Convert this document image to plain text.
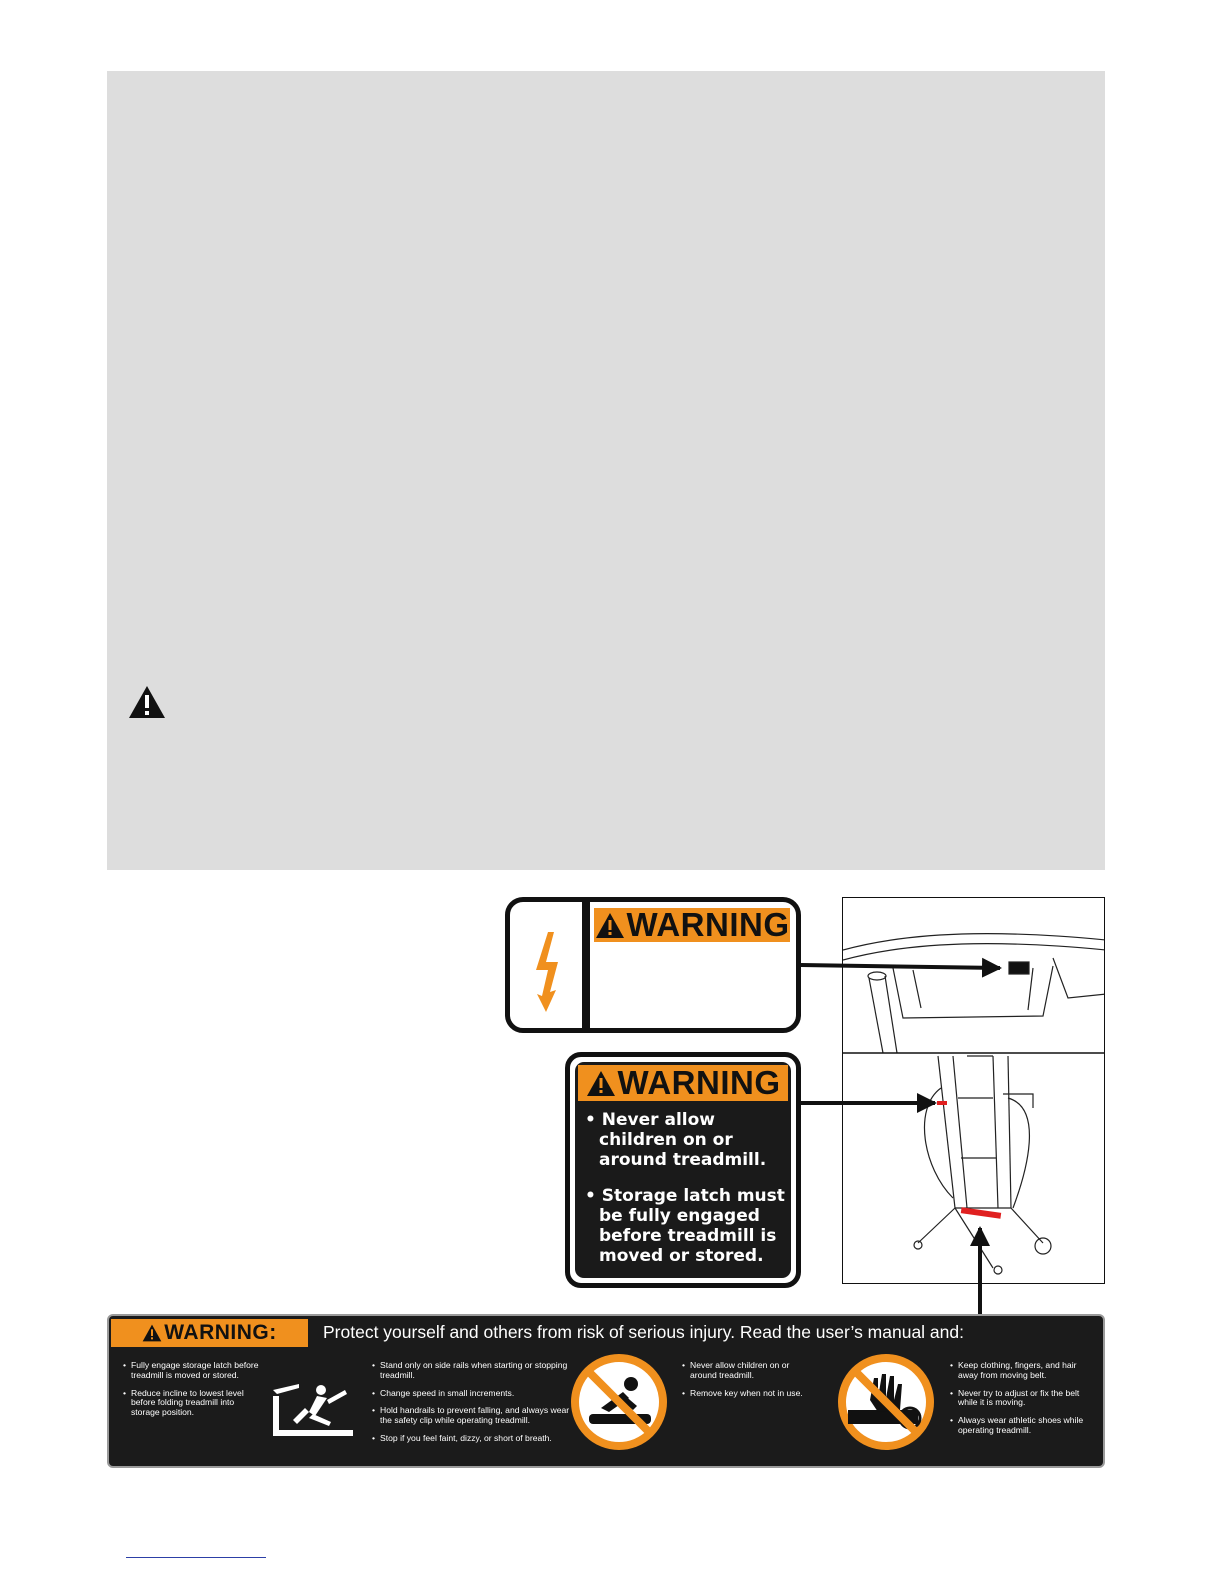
WARNING
WARNING
• Never allow children on or around treadmill.
• Storage latch must be fully engaged before treadmill is moved or stored.
WARNING:	Protect yourself and others from risk of serious injury. Read the user’s manual and:
• Fully engage storage latch before treadmill is moved or stored.
• Reduce incline to lowest level before folding treadmill into storage position.
• Stand only on side rails when starting or stopping treadmill.
• Change speed in small increments.
• Hold handrails to prevent falling, and always wear the safety clip while operating treadmill.
• Stop if you feel faint, dizzy, or short of breath.
• Never allow children on or around treadmill.
• Remove key when not in use.
• Keep clothing, fingers, and hair away from moving belt.
• Never try to adjust or fix the belt while it is moving.
• Always wear athletic shoes while operating treadmill.
